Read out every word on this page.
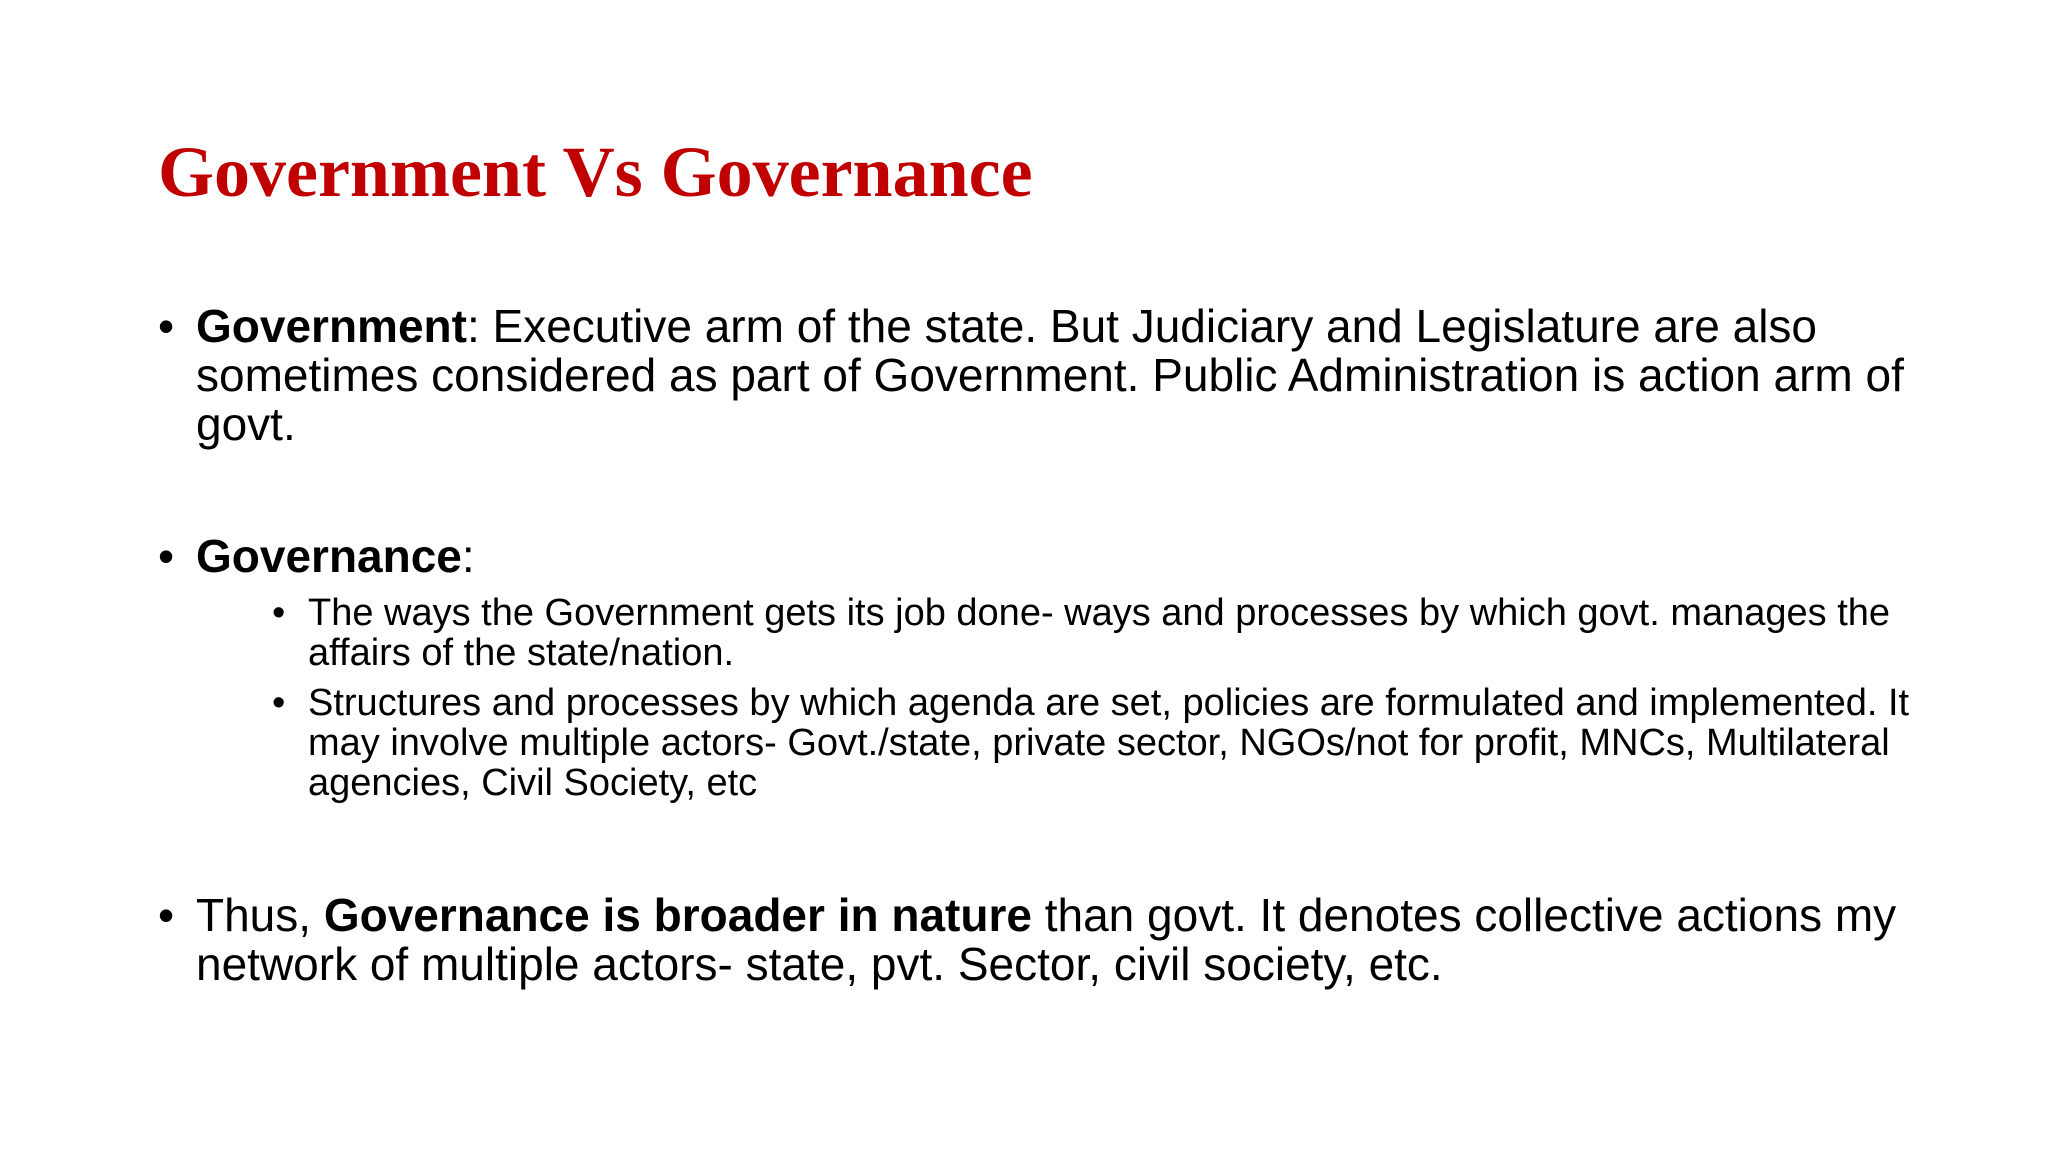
Government Vs Governance
• Government: Executive arm of the state. But Judiciary and Legislature are also sometimes considered as part of Government. Public Administration is action arm of govt.
• Governance:
• The ways the Government gets its job done- ways and processes by which govt. manages the affairs of the state/nation.
• Structures and processes by which agenda are set, policies are formulated and implemented. It may involve multiple actors- Govt./state, private sector, NGOs/not for profit, MNCs, Multilateral agencies, Civil Society, etc
• Thus, Governance is broader in nature than govt. It denotes collective actions my network of multiple actors- state, pvt. Sector, civil society, etc.
